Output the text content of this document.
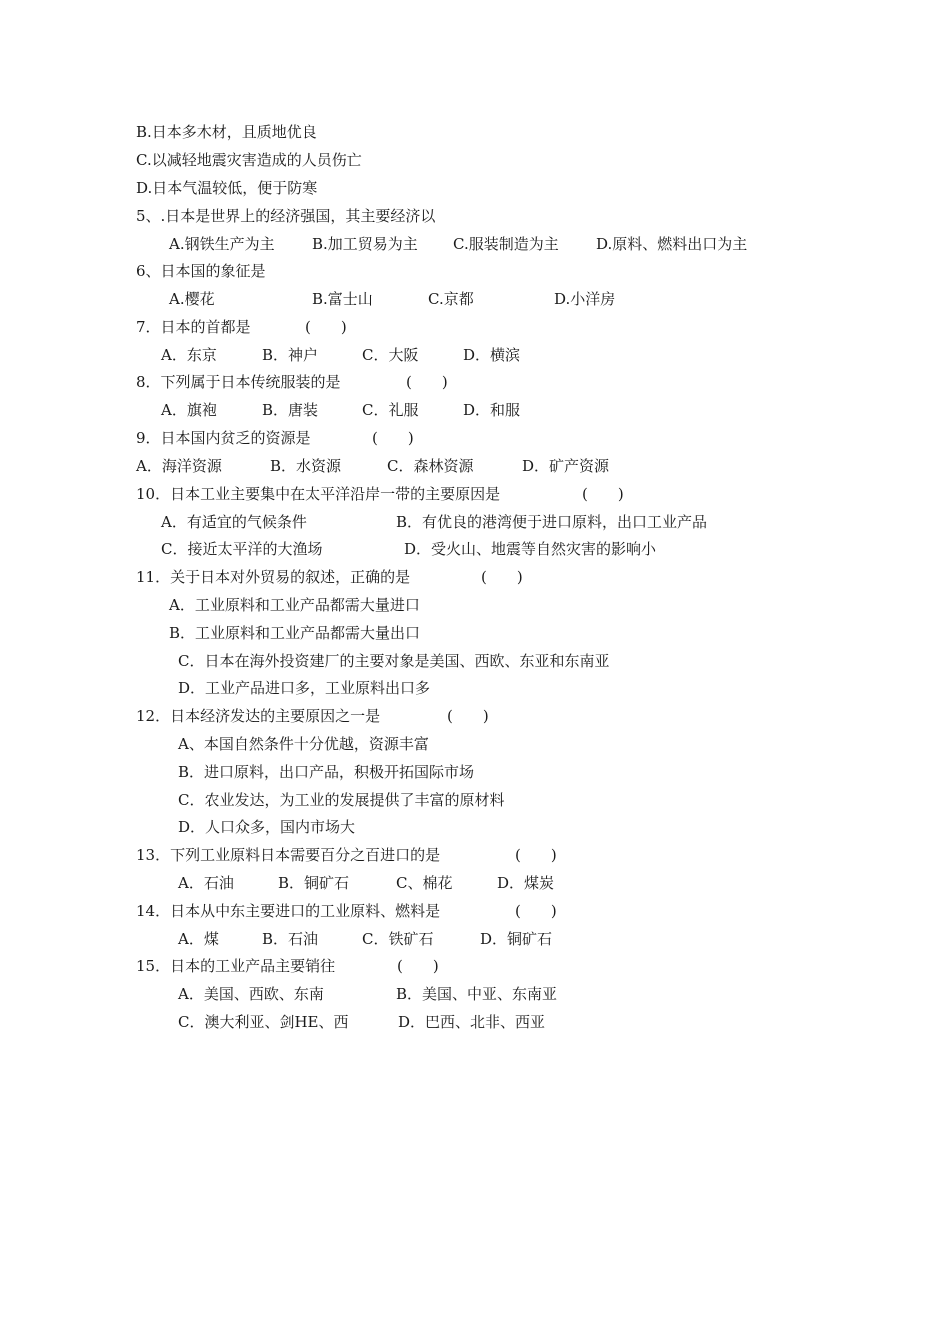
B.日本多木材，且质地优良
C.以减轻地震灾害造成的人员伤亡
D.日本气温较低，便于防寒
5、.日本是世界上的经济强国，其主要经济以
A.钢铁生产为主 B.加工贸易为主 C.服装制造为主 D.原料、燃料出口为主
6、日本国的象征是
A.樱花	B.富士山	C.京都	D.小洋房
7．日本的首都是	(　　)
A．东京	B．神户	C．大阪	D．横滨
8．下列属于日本传统服装的是	(　　)
A．旗袍	B．唐装	C．礼服	D．和服
9．日本国内贫乏的资源是	(　　)
A．海洋资源	B．水资源	C．森林资源	D．矿产资源
10．日本工业主要集中在太平洋沿岸一带的主要原因是	(　　)
A．有适宜的气候条件	B．有优良的港湾便于进口原料，出口工业产品
C．接近太平洋的大渔场	D．受火山、地震等自然灾害的影响小
11．关于日本对外贸易的叙述，正确的是	(　　)
A．工业原料和工业产品都需大量进口
B．工业原料和工业产品都需大量出口
C．日本在海外投资建厂的主要对象是美国、西欧、东亚和东南亚
D．工业产品进口多，工业原料出口多
12．日本经济发达的主要原因之一是	(　　)
A、本国自然条件十分优越，资源丰富
B．进口原料，出口产品，积极开拓国际市场
C．农业发达，为工业的发展提供了丰富的原材料
D．人口众多，国内市场大
13．下列工业原料日本需要百分之百进口的是	(　　)
A．石油	B．铜矿石	C、棉花	D．煤炭
14．日本从中东主要进口的工业原料、燃料是	(　　)
A．煤	B．石油	C．铁矿石	D．铜矿石
15．日本的工业产品主要销往	(　　)
A．美国、西欧、东南	B．美国、中亚、东南亚
C．澳大利亚、剑HE、西	D．巴西、北非、西亚
